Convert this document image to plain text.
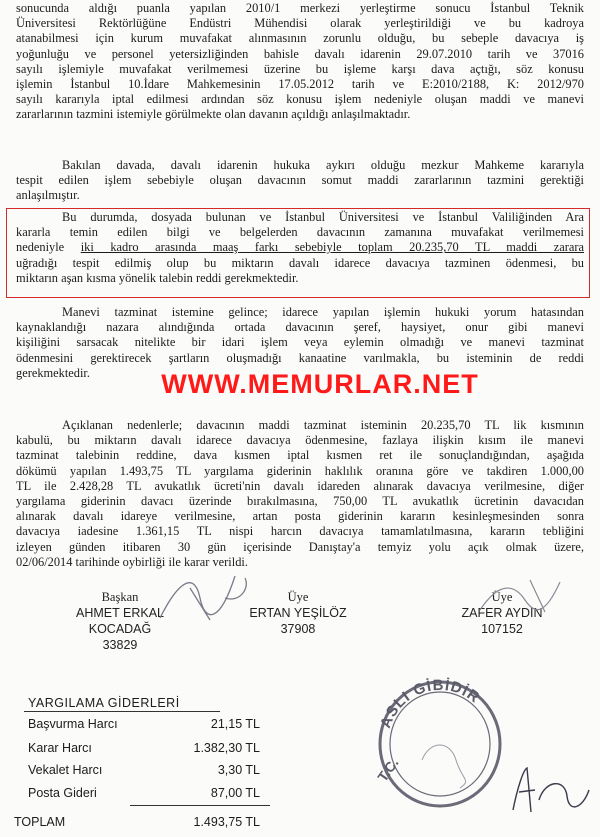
sonucunda aldığı puanla yapılan 2010/1 merkezi yerleştirme sonucu İstanbul Teknik
Üniversitesi Rektörlüğüne Endüstri Mühendisi olarak yerleştirildiği ve bu kadroya
atanabilmesi için kurum muvafakat alınmasının zorunlu olduğu, bu sebeple davacıya iş
yoğunluğu ve personel yetersizliğinden bahisle davalı idarenin 29.07.2010 tarih ve 37016
sayılı işlemiyle muvafakat verilmemesi üzerine bu işleme karşı dava açtığı, söz konusu
işlemin İstanbul 10.İdare Mahkemesinin 17.05.2012 tarih ve E:2010/2188, K: 2012/970
sayılı kararıyla iptal edilmesi ardından söz konusu işlem nedeniyle oluşan maddi ve manevi
zararlarının tazmini istemiyle görülmekte olan davanın açıldığı anlaşılmaktadır.
Bakılan davada, davalı idarenin hukuka aykırı olduğu mezkur Mahkeme kararıyla
tespit edilen işlem sebebiyle oluşan davacının somut maddi zararlarının tazmini gerektiği
anlaşılmıştır.
Bu durumda, dosyada bulunan ve İstanbul Üniversitesi ve İstanbul Valiliğinden Ara
kararla temin edilen bilgi ve belgelerden davacının zamanına muvafakat verilmemesi
nedeniyle iki kadro arasında maaş farkı sebebiyle toplam 20.235,70 TL maddi zarara
uğradığı tespit edilmiş olup bu miktarın davalı idarece davacıya tazminen ödenmesi, bu
miktarın aşan kısma yönelik talebin reddi gerekmektedir.
Manevi tazminat istemine gelince; idarece yapılan işlemin hukuki yorum hatasından
kaynaklandığı nazara alındığında ortada davacının şeref, haysiyet, onur gibi manevi
kişiliğini sarsacak nitelikte bir idari işlem veya eylemin olmadığı ve manevi tazminat
ödenmesini gerektirecek şartların oluşmadığı kanaatine varılmakla, bu isteminin de reddi
gerekmektedir.	WWW.MEMURLAR.NET
Açıklanan nedenlerle; davacının maddi tazminat isteminin 20.235,70 TL lik kısmının
kabulü, bu miktarın davalı idarece davacıya ödenmesine, fazlaya ilişkin kısım ile manevi
tazminat talebinin reddine, dava kısmen iptal kısmen ret ile sonuçlandığından, aşağıda
dökümü yapılan 1.493,75 TL yargılama giderinin haklılık oranına göre ve takdiren 1.000,00
TL ile 2.428,28 TL avukatlık ücreti'nin davalı idareden alınarak davacıya verilmesine, diğer
yargılama giderinin davacı üzerinde bırakılmasına, 750,00 TL avukatlık ücretinin davacıdan
alınarak davalı idareye verilmesine, artan posta giderinin kararın kesinleşmesinden sonra
davacıya iadesine 1.361,15 TL nispi harcın davacıya tamamlatılmasına, kararın tebliğini
izleyen günden itibaren 30 gün içerisinde Danıştay'a temyiz yolu açık olmak üzere,
02/06/2014 tarihinde oybirliği ile karar verildi.
Başkan
AHMET ERKAL
KOCADAĞ
33829
Üye
ERTAN YEŞİLÖZ
37908
Üye
ZAFER AYDIN
107152
YARGILAMA GİDERLERİ
Başvurma Harcı	21,15 TL
Karar Harcı	1.382,30 TL
Vekalet Harcı	3,30 TL
Posta Gideri	87,00 TL
TOPLAM	1.493,75 TL
ASLI GİBİDİR
T.C.
